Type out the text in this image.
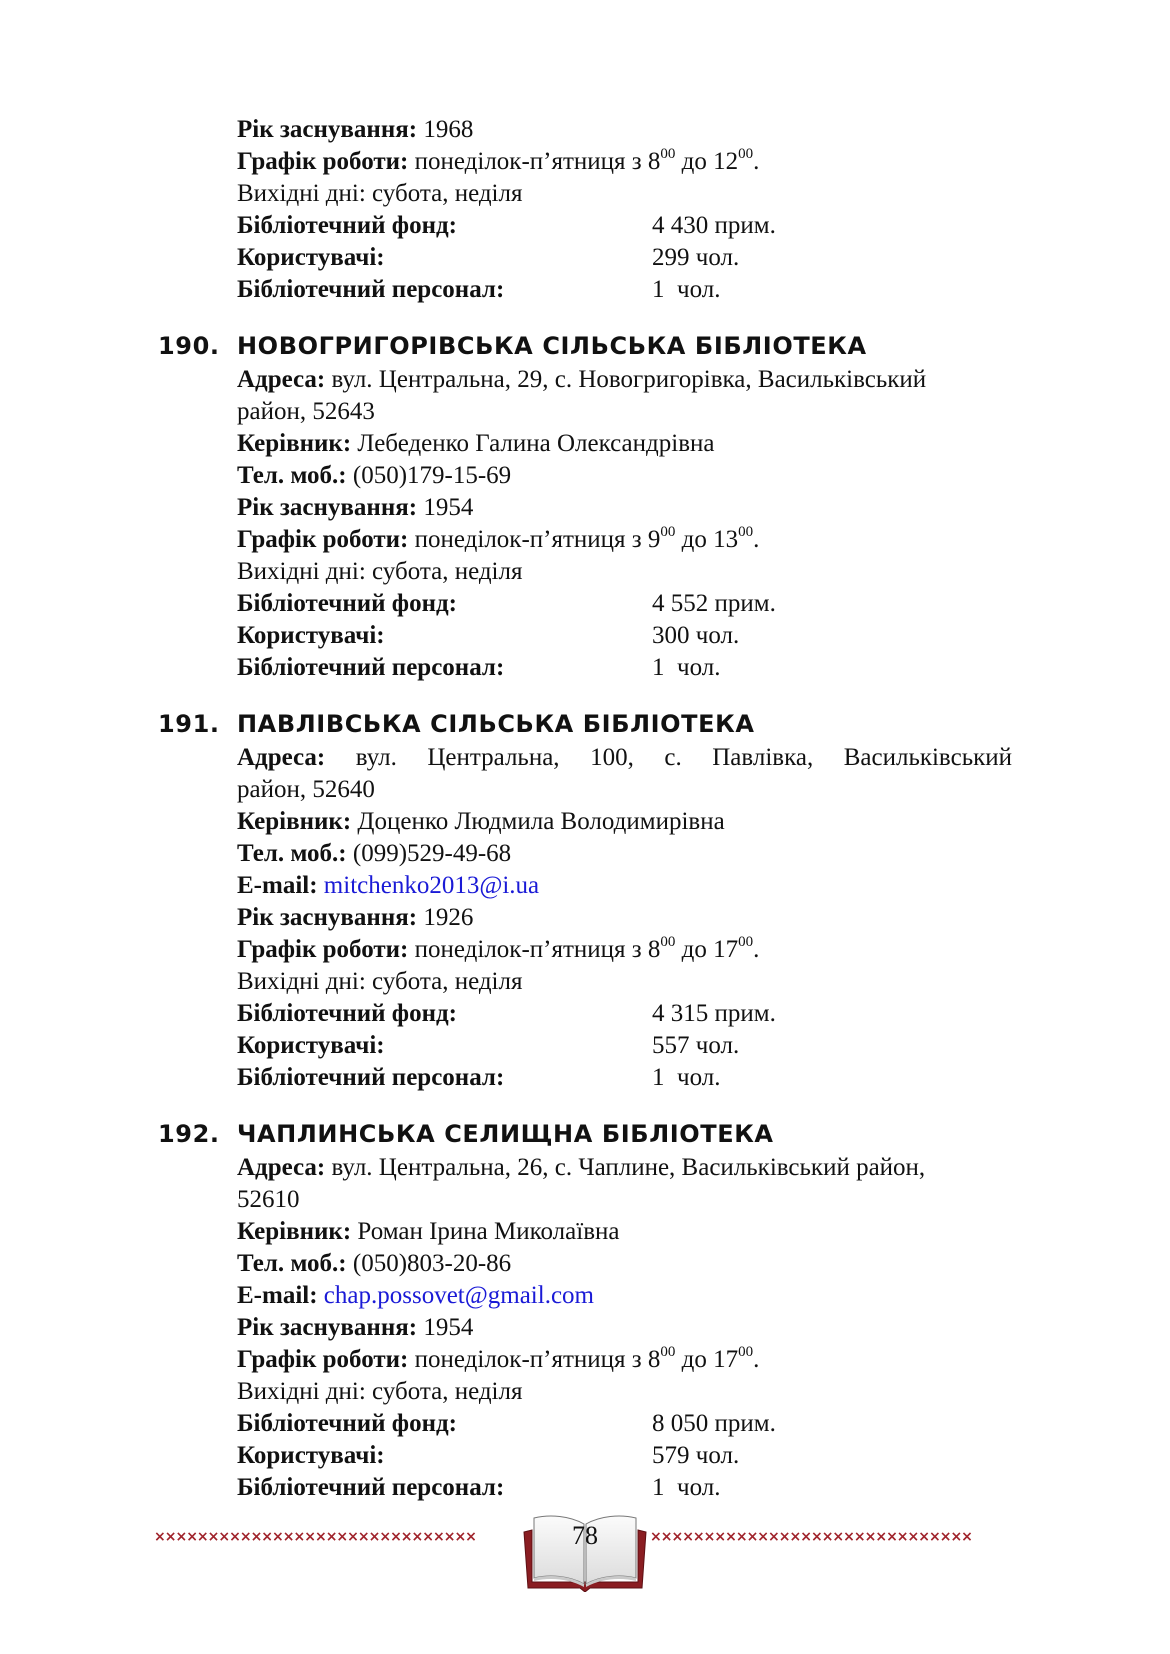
Рік заснування: 1968
Графік роботи: понеділок-п’ятниця з $8^{00}$ до $12^{00}$.
Вихідні дні: субота, неділя
Бібліотечний фонд:	4 430 прим.
Користувачі:	299 чол.
Бібліотечний персонал:	1  чол.
190. НОВОГРИГОРІВСЬКА СІЛЬСЬКА БІБЛІОТЕКА
Адреса: вул. Центральна, 29, с. Новогригорівка, Васильківський
район, 52643
Керівник: Лебеденко Галина Олександрівна
Тел. моб.: (050)179-15-69
Рік заснування: 1954
Графік роботи: понеділок-п’ятниця з $9^{00}$ до $13^{00}$.
Вихідні дні: субота, неділя
Бібліотечний фонд:	4 552 прим.
Користувачі:	300 чол.
Бібліотечний персонал:	1  чол.
191. ПАВЛІВСЬКА СІЛЬСЬКА БІБЛІОТЕКА
Адреса: вул. Центральна, 100, с. Павлівка, Васильківський
район, 52640
Керівник: Доценко Людмила Володимирівна
Тел. моб.: (099)529-49-68
E-mail: mitchenko2013@i.ua
Рік заснування: 1926
Графік роботи: понеділок-п’ятниця з $8^{00}$ до $17^{00}$.
Вихідні дні: субота, неділя
Бібліотечний фонд:	4 315 прим.
Користувачі:	557 чол.
Бібліотечний персонал:	1  чол.
192. ЧАПЛИНСЬКА СЕЛИЩНА БІБЛІОТЕКА
Адреса: вул. Центральна, 26, с. Чаплине, Васильківський район,
52610
Керівник: Роман Ірина Миколаївна
Тел. моб.: (050)803-20-86
E-mail: chap.possovet@gmail.com
Рік заснування: 1954
Графік роботи: понеділок-п’ятниця з $8^{00}$ до $17^{00}$.
Вихідні дні: субота, неділя
Бібліотечний фонд:	8 050 прим.
Користувачі:	579 чол.
Бібліотечний персонал:	1  чол.
××××××××××××××××××××××××××××××	××××××××××××××××××××××××××××××
78
